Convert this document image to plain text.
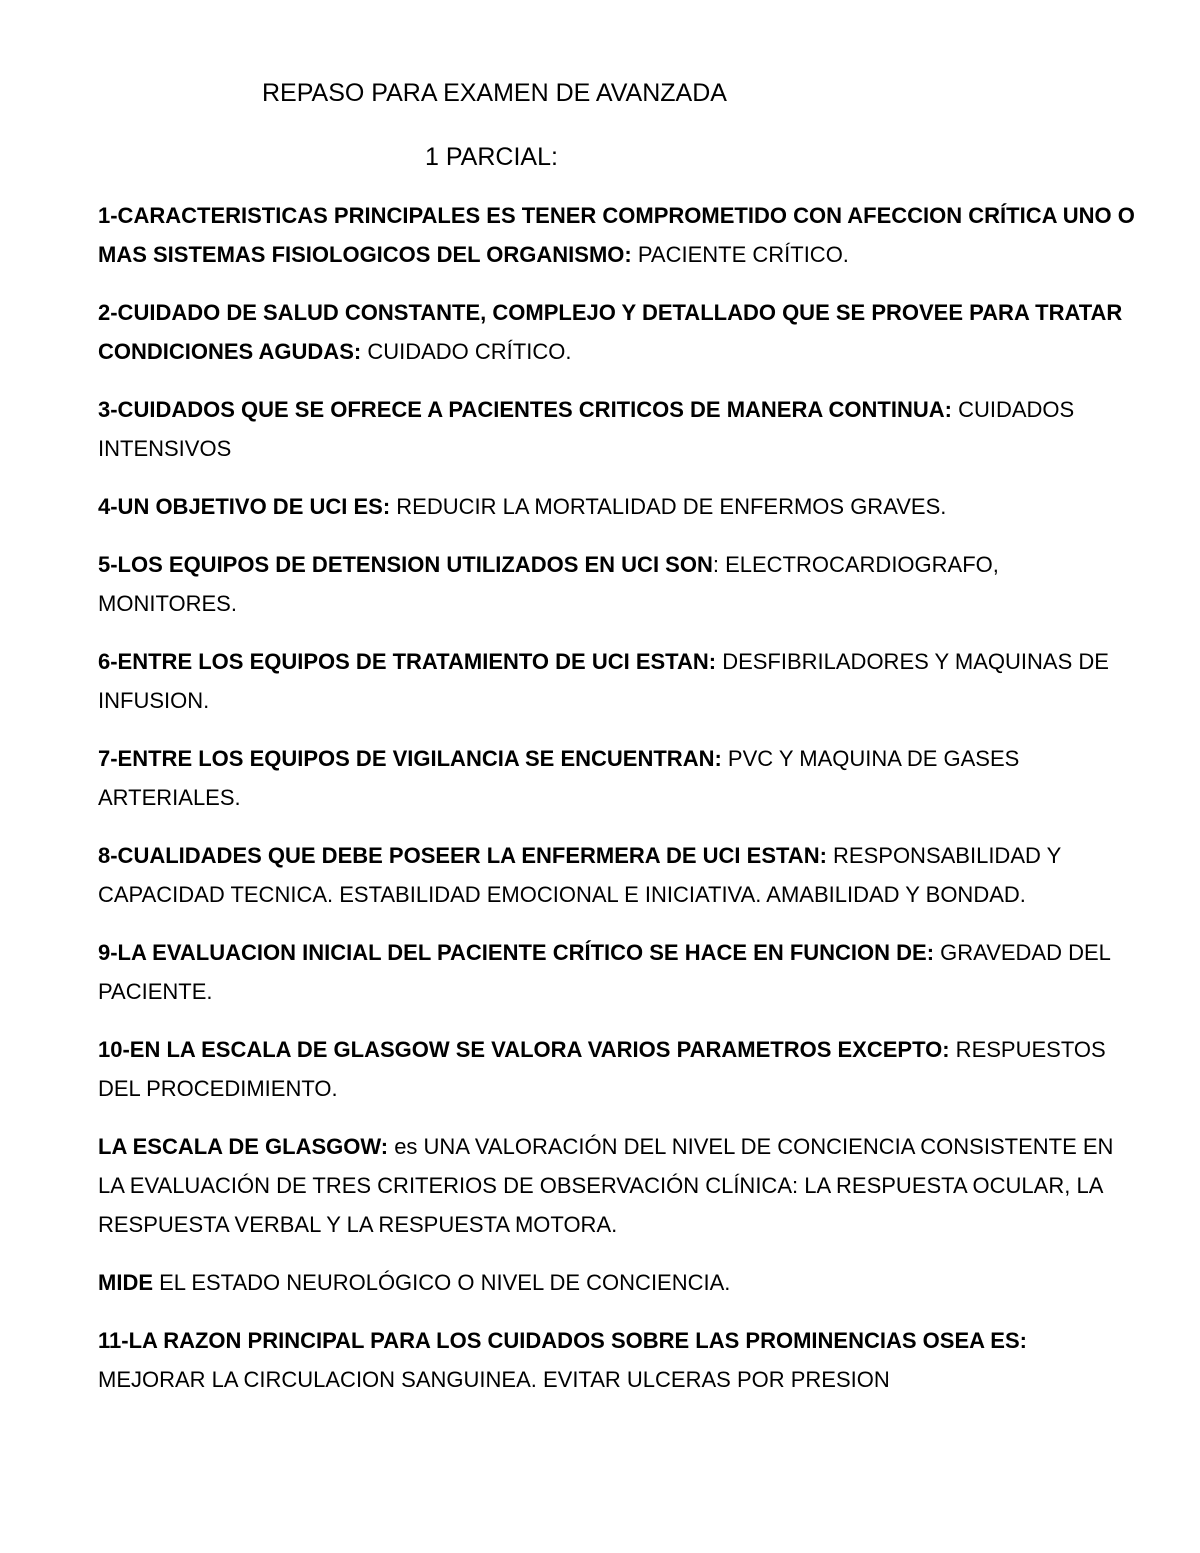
REPASO PARA EXAMEN DE AVANZADA
1 PARCIAL:

1-CARACTERISTICAS PRINCIPALES ES TENER COMPROMETIDO CON AFECCION CRÍTICA UNO O MAS SISTEMAS FISIOLOGICOS DEL ORGANISMO: PACIENTE CRÍTICO.

2-CUIDADO DE SALUD CONSTANTE, COMPLEJO Y DETALLADO QUE SE PROVEE PARA TRATAR CONDICIONES AGUDAS: CUIDADO CRÍTICO.

3-CUIDADOS QUE SE OFRECE A PACIENTES CRITICOS DE MANERA CONTINUA: CUIDADOS INTENSIVOS

4-UN OBJETIVO DE UCI ES: REDUCIR LA MORTALIDAD DE ENFERMOS GRAVES.

5-LOS EQUIPOS DE DETENSION UTILIZADOS EN UCI SON: ELECTROCARDIOGRAFO, MONITORES.

6-ENTRE LOS EQUIPOS DE TRATAMIENTO DE UCI ESTAN: DESFIBRILADORES Y MAQUINAS DE INFUSION.

7-ENTRE LOS EQUIPOS DE VIGILANCIA SE ENCUENTRAN: PVC Y MAQUINA DE GASES ARTERIALES.

8-CUALIDADES QUE DEBE POSEER LA ENFERMERA DE UCI ESTAN: RESPONSABILIDAD Y CAPACIDAD TECNICA. ESTABILIDAD EMOCIONAL E INICIATIVA. AMABILIDAD Y BONDAD.

9-LA EVALUACION INICIAL DEL PACIENTE CRÍTICO SE HACE EN FUNCION DE: GRAVEDAD DEL PACIENTE.

10-EN LA ESCALA DE GLASGOW SE VALORA VARIOS PARAMETROS EXCEPTO: RESPUESTOS DEL PROCEDIMIENTO.

LA ESCALA DE GLASGOW: es UNA VALORACIÓN DEL NIVEL DE CONCIENCIA CONSISTENTE EN LA EVALUACIÓN DE TRES CRITERIOS DE OBSERVACIÓN CLÍNICA: LA RESPUESTA OCULAR, LA RESPUESTA VERBAL Y LA RESPUESTA MOTORA.

MIDE EL ESTADO NEUROLÓGICO O NIVEL DE CONCIENCIA.

11-LA RAZON PRINCIPAL PARA LOS CUIDADOS SOBRE LAS PROMINENCIAS OSEA ES: MEJORAR LA CIRCULACION SANGUINEA. EVITAR ULCERAS POR PRESION
